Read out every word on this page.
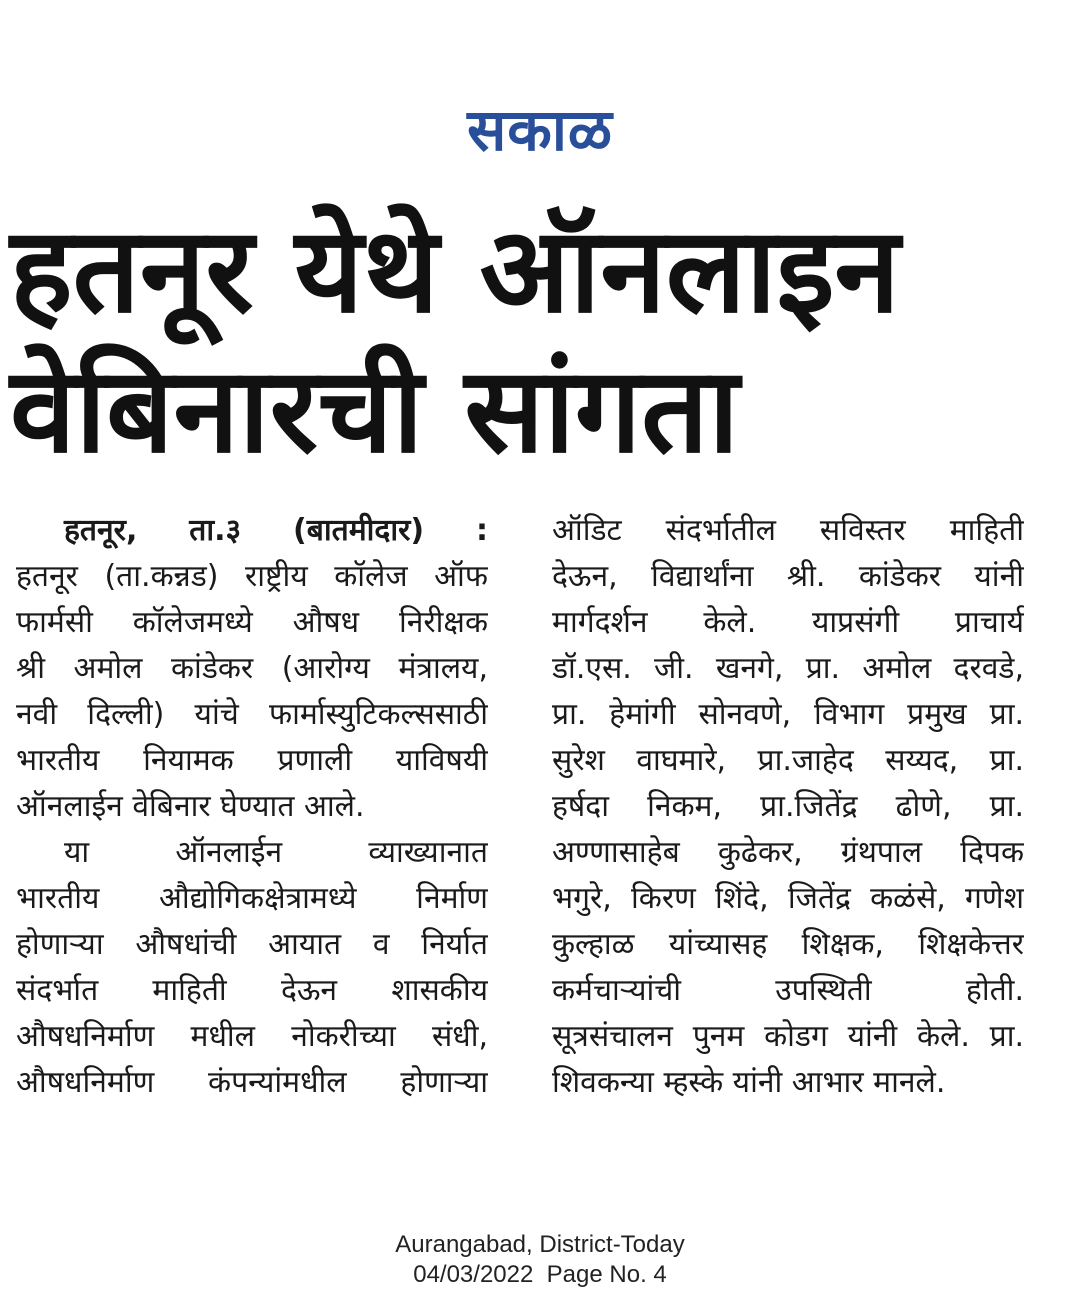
सकाळ
हतनूर येथे ऑनलाइन
वेबिनारची सांगता
हतनूर, ता.३ (बातमीदार) :
हतनूर (ता.कन्नड) राष्ट्रीय कॉलेज ऑफ
फार्मसी कॉलेजमध्ये औषध निरीक्षक
श्री अमोल कांडेकर (आरोग्य मंत्रालय,
नवी दिल्ली) यांचे फार्मास्युटिकल्ससाठी
भारतीय नियामक प्रणाली याविषयी
ऑनलाईन वेबिनार घेण्यात आले.
या ऑनलाईन व्याख्यानात
भारतीय औद्योगिकक्षेत्रामध्ये निर्माण
होणाऱ्या औषधांची आयात व निर्यात
संदर्भात माहिती देऊन शासकीय
औषधनिर्माण मधील नोकरीच्या संधी,
औषधनिर्माण कंपन्यांमधील होणाऱ्या
ऑडिट संदर्भातील सविस्तर माहिती
देऊन, विद्यार्थांना श्री. कांडेकर यांनी
मार्गदर्शन केले. याप्रसंगी प्राचार्य
डॉ.एस. जी. खनगे, प्रा. अमोल दरवडे,
प्रा. हेमांगी सोनवणे, विभाग प्रमुख प्रा.
सुरेश वाघमारे, प्रा.जाहेद सय्यद, प्रा.
हर्षदा निकम, प्रा.जितेंद्र ढोणे, प्रा.
अण्णासाहेब कुढेकर, ग्रंथपाल दिपक
भगुरे, किरण शिंदे, जितेंद्र कळंसे, गणेश
कुल्हाळ यांच्यासह शिक्षक, शिक्षकेत्तर
कर्मचाऱ्यांची उपस्थिती होती.
सूत्रसंचालन पुनम कोडग यांनी केले. प्रा.
शिवकन्या म्हस्के यांनी आभार मानले.
Aurangabad, District-Today
04/03/2022  Page No. 4
